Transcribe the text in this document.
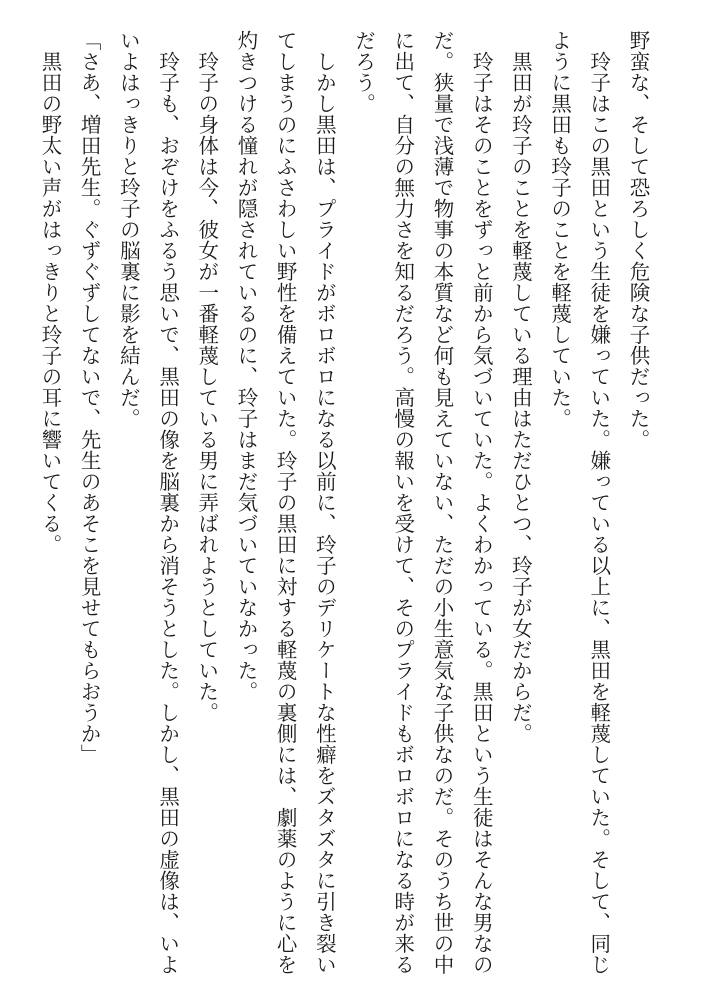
野蛮な、そして恐ろしく危険な子供だった。

　玲子はこの黒田という生徒を嫌っていた。嫌っている以上に、黒田を軽蔑していた。そして、同じように黒田も玲子のことを軽蔑していた。

　黒田が玲子のことを軽蔑している理由はただひとつ、玲子が女だからだ。

　玲子はそのことをずっと前から気づいていた。よくわかっている。黒田という生徒はそんな男なのだ。狭量で浅薄で物事の本質など何も見えていない、ただの小生意気な子供なのだ。そのうち世の中に出て、自分の無力さを知るだろう。高慢の報いを受けて、そのプライドもボロボロになる時が来るだろう。

　しかし黒田は、プライドがボロボロになる以前に、玲子のデリケートな性癖をズタズタに引き裂いてしまうのにふさわしい野性を備えていた。玲子の黒田に対する軽蔑の裏側には、劇薬のように心を灼きつける憧れが隠されているのに、玲子はまだ気づいていなかった。

　玲子の身体は今、彼女が一番軽蔑している男に弄ばれようとしていた。

　玲子も、おぞけをふるう思いで、黒田の像を脳裏から消そうとした。しかし、黒田の虚像は、いよいよはっきりと玲子の脳裏に影を結んだ。

「さあ、増田先生。ぐずぐずしてないで、先生のあそこを見せてもらおうか」

　黒田の野太い声がはっきりと玲子の耳に響いてくる。
